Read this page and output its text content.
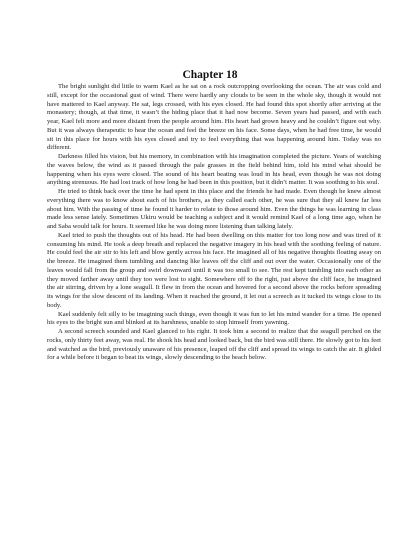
Chapter 18

The bright sunlight did little to warm Kael as he sat on a rock outcropping overlooking the ocean. The air was cold and still, except for the occasional gust of wind. There were hardly any clouds to be seen in the whole sky, though it would not have mattered to Kael anyway. He sat, legs crossed, with his eyes closed. He had found this spot shortly after arriving at the monastery; though, at that time, it wasn’t the hiding place that it had now become. Seven years had passed, and with each year, Kael felt more and more distant from the people around him. His heart had grown heavy and he couldn’t figure out why. But it was always therapeutic to hear the ocean and feel the breeze on his face. Some days, when he had free time, he would sit in this place for hours with his eyes closed and try to feel everything that was happening around him. Today was no different.

Darkness filled his vision, but his memory, in combination with his imagination completed the picture. Years of watching the waves below, the wind as it passed through the pale grasses in the field behind him, told his mind what should be happening when his eyes were closed. The sound of his heart beating was loud in his head, even though he was not doing anything strenuous. He had lost track of how long he had been in this position, but it didn’t matter. It was soothing to his soul.

He tried to think back over the time he had spent in this place and the friends he had made. Even though he knew almost everything there was to know about each of his brothers, as they called each other, he was sure that they all knew far less about him. With the passing of time he found it harder to relate to those around him. Even the things he was learning in class made less sense lately. Sometimes Ukiru would be teaching a subject and it would remind Kael of a long time ago, when he and Saba would talk for hours. It seemed like he was doing more listening than talking lately.

Kael tried to push the thoughts out of his head. He had been dwelling on this matter for too long now and was tired of it consuming his mind. He took a deep breath and replaced the negative imagery in his head with the soothing feeling of nature. He could feel the air stir to his left and blow gently across his face. He imagined all of his negative thoughts floating away on the breeze. He imagined them tumbling and dancing like leaves off the cliff and out over the water. Occasionally one of the leaves would fall from the group and swirl downward until it was too small to see. The rest kept tumbling into each other as they moved farther away until they too were lost to sight. Somewhere off to the right, just above the cliff face, he imagined the air stirring, driven by a lone seagull. It flew in from the ocean and hovered for a second above the rocks before spreading its wings for the slow descent of its landing. When it reached the ground, it let out a screech as it tucked its wings close to its body.

Kael suddenly felt silly to be imagining such things, even though it was fun to let his mind wander for a time. He opened his eyes to the bright sun and blinked at its harshness, unable to stop himself from yawning.

A second screech sounded and Kael glanced to his right. It took him a second to realize that the seagull perched on the rocks, only thirty feet away, was real. He shook his head and looked back, but the bird was still there. He slowly got to his feet and watched as the bird, previously unaware of his presence, leaped off the cliff and spread its wings to catch the air. It glided for a while before it began to beat its wings, slowly descending to the beach below.
